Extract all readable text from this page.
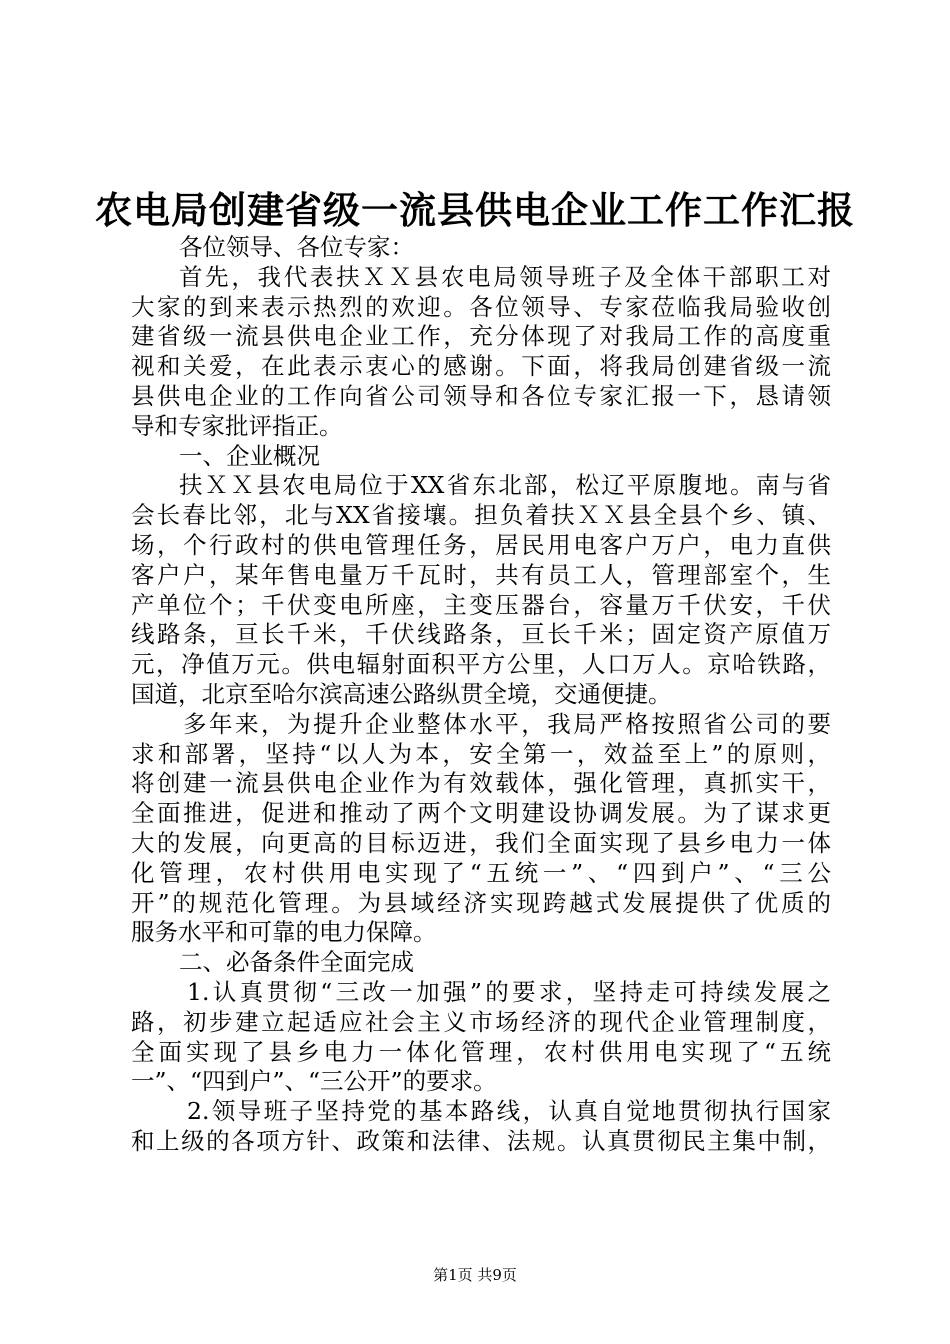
农电局创建省级一流县供电企业工作工作汇报
各位领导、各位专家：
首先，我代表扶ＸＸ县农电局领导班子及全体干部职工对
大家的到来表示热烈的欢迎。各位领导、专家莅临我局验收创
建省级一流县供电企业工作，充分体现了对我局工作的高度重
视和关爱，在此表示衷心的感谢。下面，将我局创建省级一流
县供电企业的工作向省公司领导和各位专家汇报一下，恳请领
导和专家批评指正。
一、企业概况
扶ＸＸ县农电局位于XX省东北部，松辽平原腹地。南与省
会长春比邻，北与XX省接壤。担负着扶ＸＸ县全县个乡、镇、
场，个行政村的供电管理任务，居民用电客户万户，电力直供
客户户，某年售电量万千瓦时，共有员工人，管理部室个，生
产单位个；千伏变电所座，主变压器台，容量万千伏安，千伏
线路条，亘长千米，千伏线路条，亘长千米；固定资产原值万
元，净值万元。供电辐射面积平方公里，人口万人。京哈铁路，
国道，北京至哈尔滨高速公路纵贯全境，交通便捷。
多年来，为提升企业整体水平，我局严格按照省公司的要
求和部署，坚持“以人为本，安全第一，效益至上”的原则，
将创建一流县供电企业作为有效载体，强化管理，真抓实干，
全面推进，促进和推动了两个文明建设协调发展。为了谋求更
大的发展，向更高的目标迈进，我们全面实现了县乡电力一体
化管理，农村供用电实现了“五统一”、“四到户”、“三公
开”的规范化管理。为县域经济实现跨越式发展提供了优质的
服务水平和可靠的电力保障。
二、必备条件全面完成
1.认真贯彻“三改一加强”的要求，坚持走可持续发展之
路，初步建立起适应社会主义市场经济的现代企业管理制度，
全面实现了县乡电力一体化管理，农村供用电实现了“五统
一”、“四到户”、“三公开”的要求。
2.领导班子坚持党的基本路线，认真自觉地贯彻执行国家
和上级的各项方针、政策和法律、法规。认真贯彻民主集中制，
第1页 共9页
